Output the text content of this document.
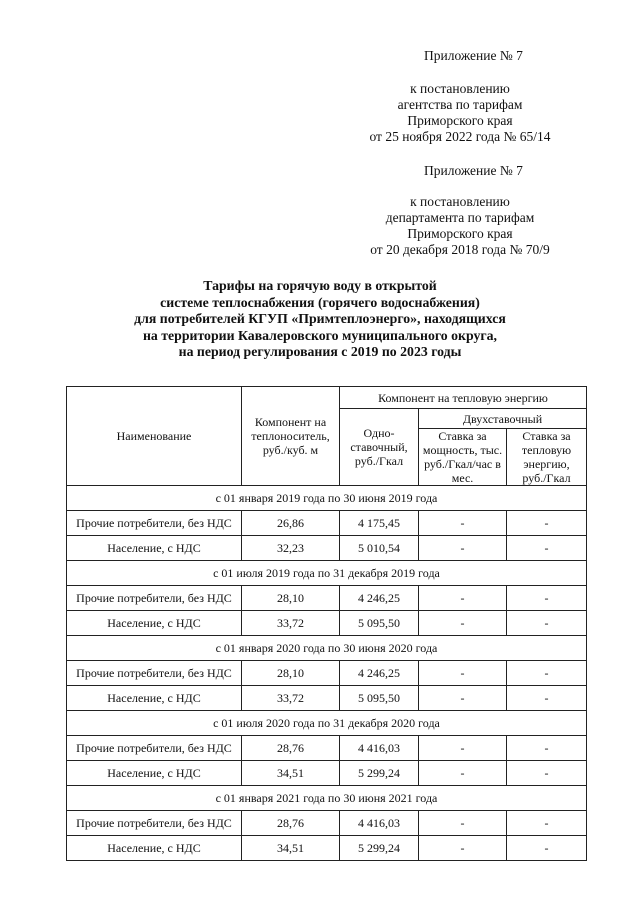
Приложение № 7
к постановлению
агентства по тарифам
Приморского края
от 25 ноября 2022 года № 65/14
Приложение № 7
к постановлению
департамента по тарифам
Приморского края
от 20 декабря 2018 года № 70/9
Тарифы на горячую воду в открытой
системе теплоснабжения (горячего водоснабжения)
для потребителей КГУП «Примтеплоэнерго», находящихся
на территории Кавалеровского муниципального округа,
на период регулирования с 2019 по 2023 годы
Наименование	Компонент на теплоноситель, руб./куб. м	Компонент на тепловую энергию		
		Одно-ставочный, руб./Гкал	Двухставочный	
			Ставка за мощность, тыс. руб./Гкал/час в мес.	Ставка за тепловую энергию, руб./Гкал
с 01 января 2019 года по 30 июня 2019 года				
Прочие потребители, без НДС	26,86	4 175,45	-	-
Население, с НДС	32,23	5 010,54	-	-
с 01 июля 2019 года по 31 декабря 2019 года				
Прочие потребители, без НДС	28,10	4 246,25	-	-
Население, с НДС	33,72	5 095,50	-	-
с 01 января 2020 года по 30 июня 2020 года				
Прочие потребители, без НДС	28,10	4 246,25	-	-
Население, с НДС	33,72	5 095,50	-	-
с 01 июля 2020 года по 31 декабря 2020 года				
Прочие потребители, без НДС	28,76	4 416,03	-	-
Население, с НДС	34,51	5 299,24	-	-
с 01 января 2021 года по 30 июня 2021 года				
Прочие потребители, без НДС	28,76	4 416,03	-	-
Население, с НДС	34,51	5 299,24	-	-
